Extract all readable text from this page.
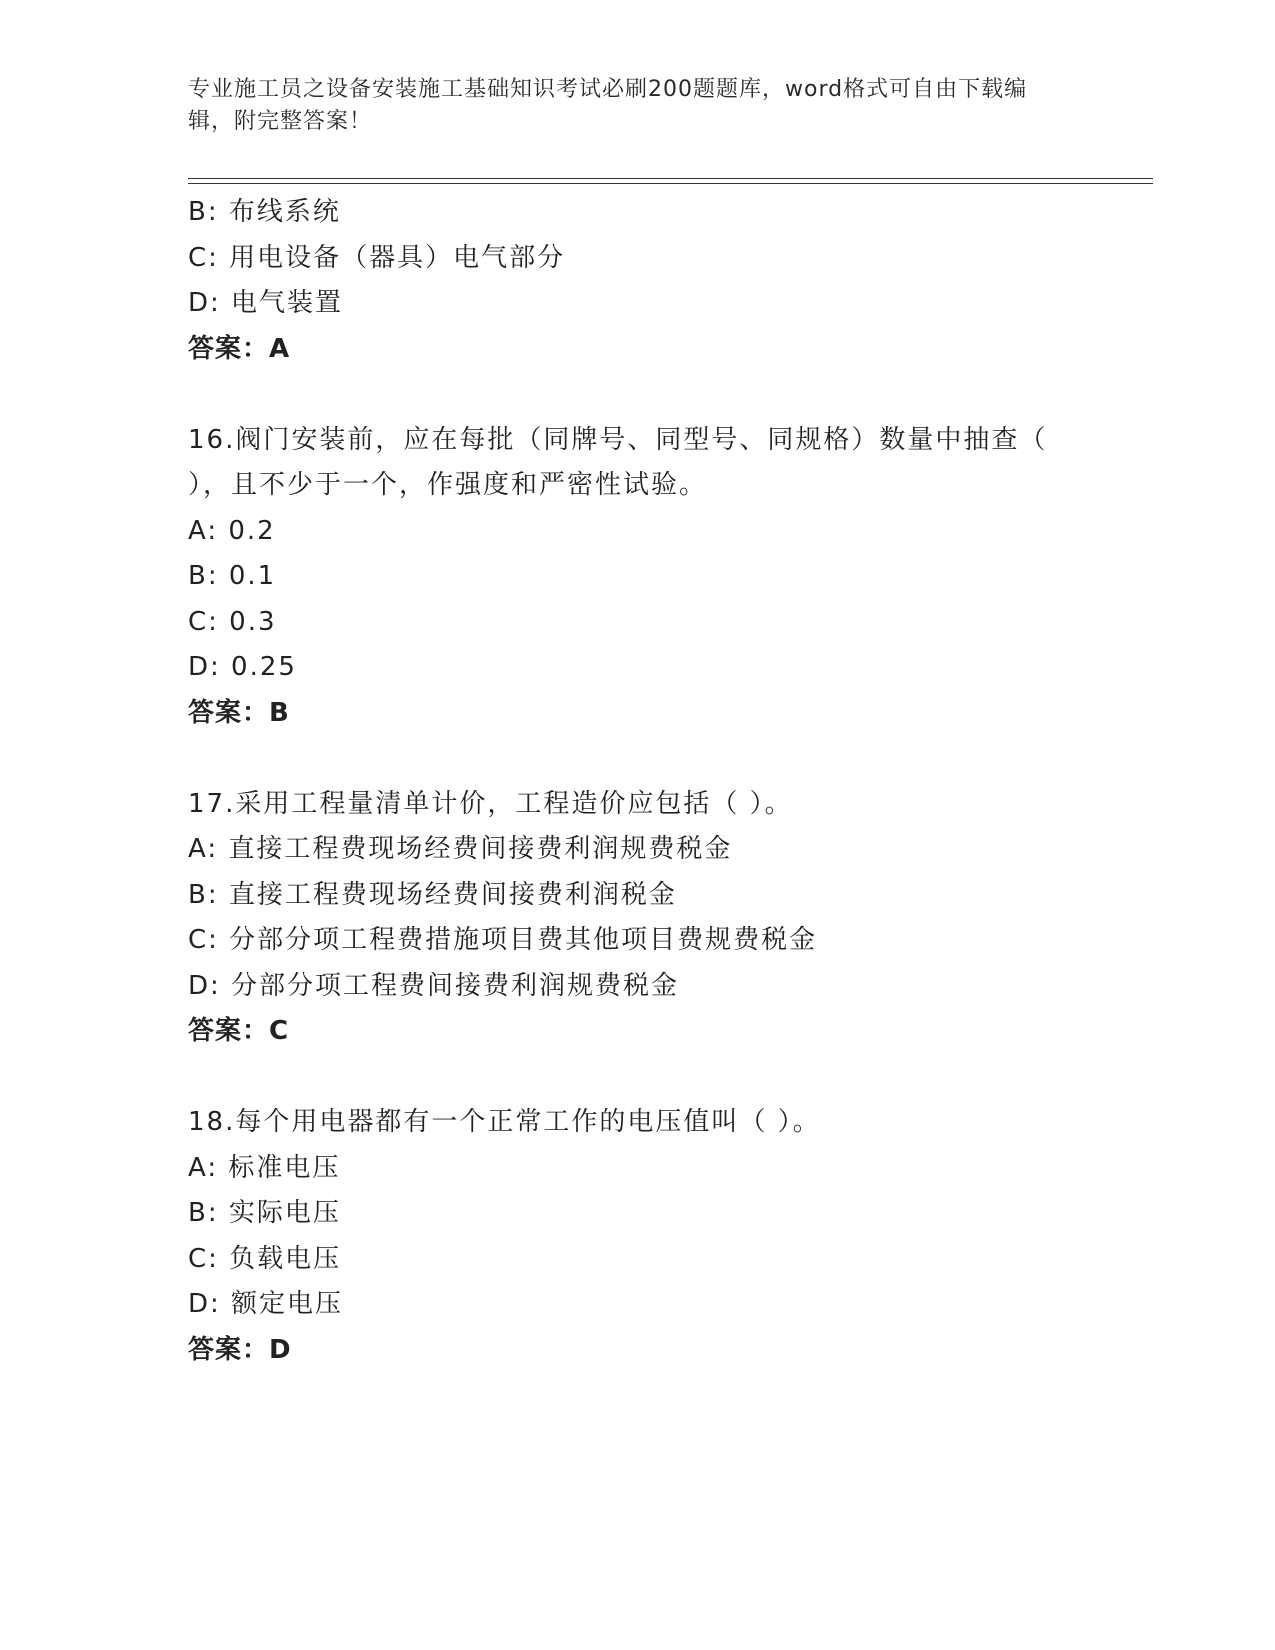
专业施工员之设备安装施工基础知识考试必刷200题题库，word格式可自由下载编辑，附完整答案！
B: 布线系统
C: 用电设备（器具）电气部分
D: 电气装置
答案：A
16.阀门安装前，应在每批（同牌号、同型号、同规格）数量中抽查（ ），且不少于一个，作强度和严密性试验。
A: 0.2
B: 0.1
C: 0.3
D: 0.25
答案：B
17.采用工程量清单计价，工程造价应包括（ ）。
A: 直接工程费现场经费间接费利润规费税金
B: 直接工程费现场经费间接费利润税金
C: 分部分项工程费措施项目费其他项目费规费税金
D: 分部分项工程费间接费利润规费税金
答案：C
18.每个用电器都有一个正常工作的电压值叫（ ）。
A: 标准电压
B: 实际电压
C: 负载电压
D: 额定电压
答案：D
